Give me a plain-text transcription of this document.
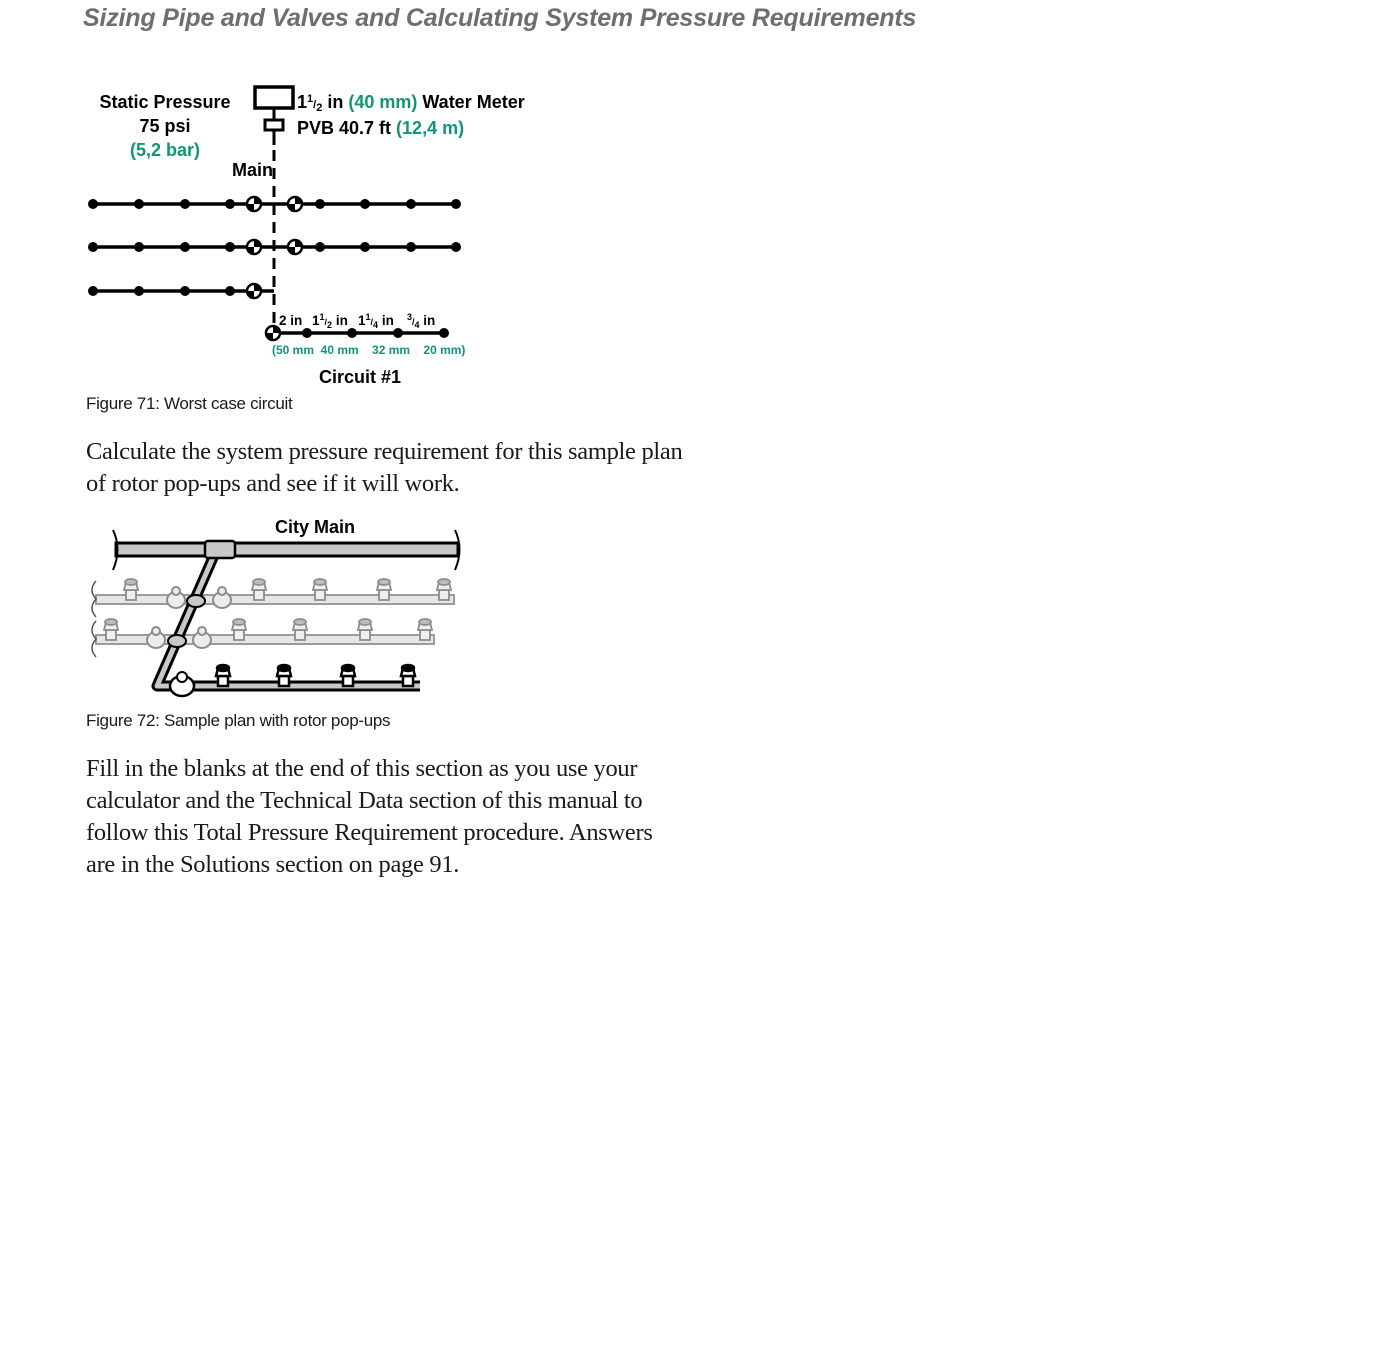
Sizing Pipe and Valves and Calculating System Pressure Requirements
Static Pressure
75 psi
(5,2 bar)
$1^1_/2$ in (40 mm) Water Meter
PVB 40.7 ft (12,4 m)
Main
2 in $1^1_{/2}$ in $1^1_{/4}$ in $^3_{/4}$ in
(50 mm  40 mm    32 mm    20 mm)
Circuit #1
Figure 71: Worst case circuit
Calculate the system pressure requirement for this sample plan of rotor pop-ups and see if it will work.
City Main
Figure 72: Sample plan with rotor pop-ups
Fill in the blanks at the end of this section as you use your calculator and the Technical Data section of this manual to follow this Total Pressure Requirement procedure. Answers are in the Solutions section on page 91.
